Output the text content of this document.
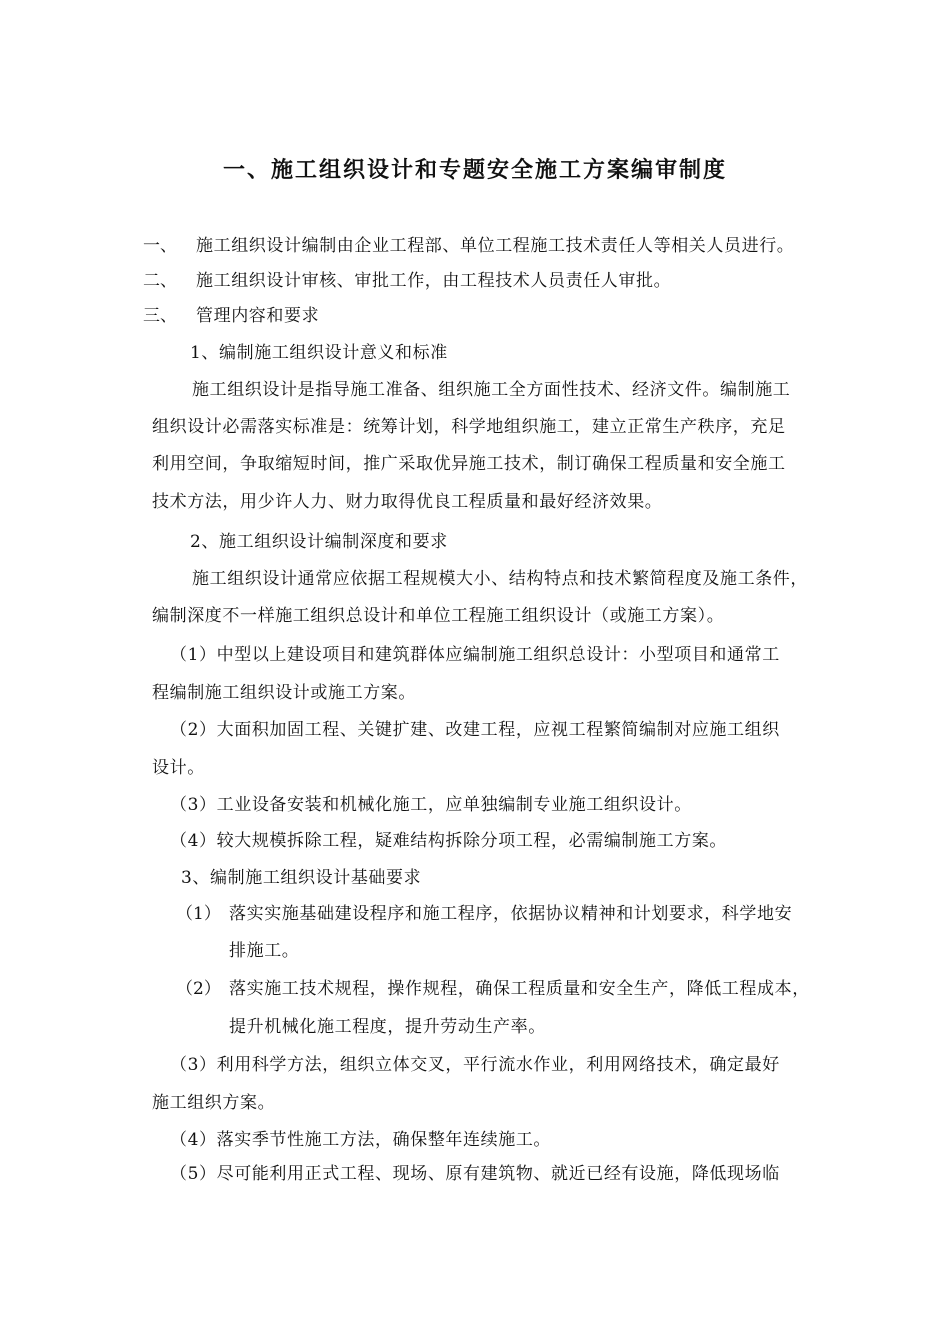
一、施工组织设计和专题安全施工方案编审制度
一、 施工组织设计编制由企业工程部、单位工程施工技术责任人等相关人员进行。
二、 施工组织设计审核、审批工作，由工程技术人员责任人审批。
三、 管理内容和要求
1、编制施工组织设计意义和标准
施工组织设计是指导施工准备、组织施工全方面性技术、经济文件。编制施工
组织设计必需落实标准是：统筹计划，科学地组织施工，建立正常生产秩序，充足
利用空间，争取缩短时间，推广采取优异施工技术，制订确保工程质量和安全施工
技术方法，用少许人力、财力取得优良工程质量和最好经济效果。
2、施工组织设计编制深度和要求
施工组织设计通常应依据工程规模大小、结构特点和技术繁简程度及施工条件，
编制深度不一样施工组织总设计和单位工程施工组织设计（或施工方案）。
（1）中型以上建设项目和建筑群体应编制施工组织总设计：小型项目和通常工
程编制施工组织设计或施工方案。
（2）大面积加固工程、关键扩建、改建工程，应视工程繁简编制对应施工组织
设计。
（3）工业设备安装和机械化施工，应单独编制专业施工组织设计。
（4）较大规模拆除工程，疑难结构拆除分项工程，必需编制施工方案。
3、编制施工组织设计基础要求
（1） 落实实施基础建设程序和施工程序，依据协议精神和计划要求，科学地安
排施工。
（2） 落实施工技术规程，操作规程，确保工程质量和安全生产，降低工程成本，
提升机械化施工程度，提升劳动生产率。
（3）利用科学方法，组织立体交叉，平行流水作业，利用网络技术，确定最好
施工组织方案。
（4）落实季节性施工方法，确保整年连续施工。
（5）尽可能利用正式工程、现场、原有建筑物、就近已经有设施，降低现场临
